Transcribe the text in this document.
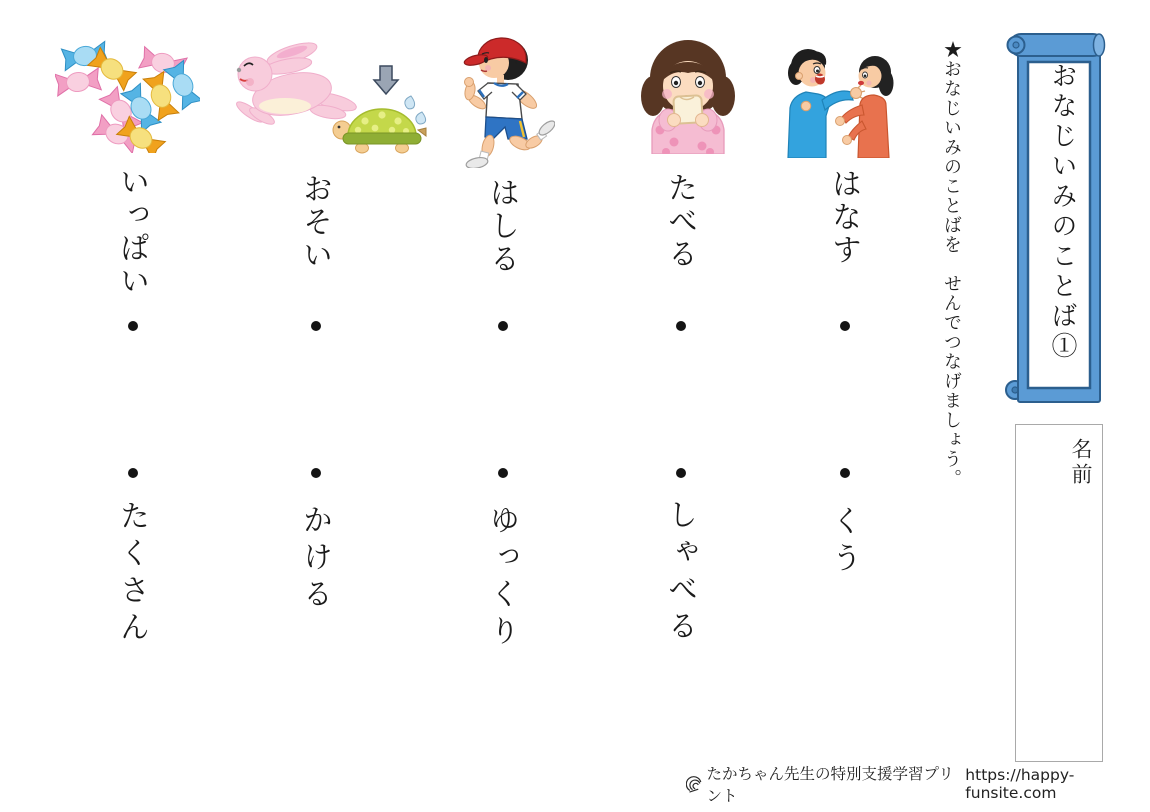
いっぱい
たくさん
おそい
かける
はしる
ゆっくり
たべる
しゃべる
はなす
くう
★おなじいみのことばを　せんでつなげましょう。	おなじいみのことば①
名前
たかちゃん先生の特別支援学習プリント
https://happy-funsite.com
